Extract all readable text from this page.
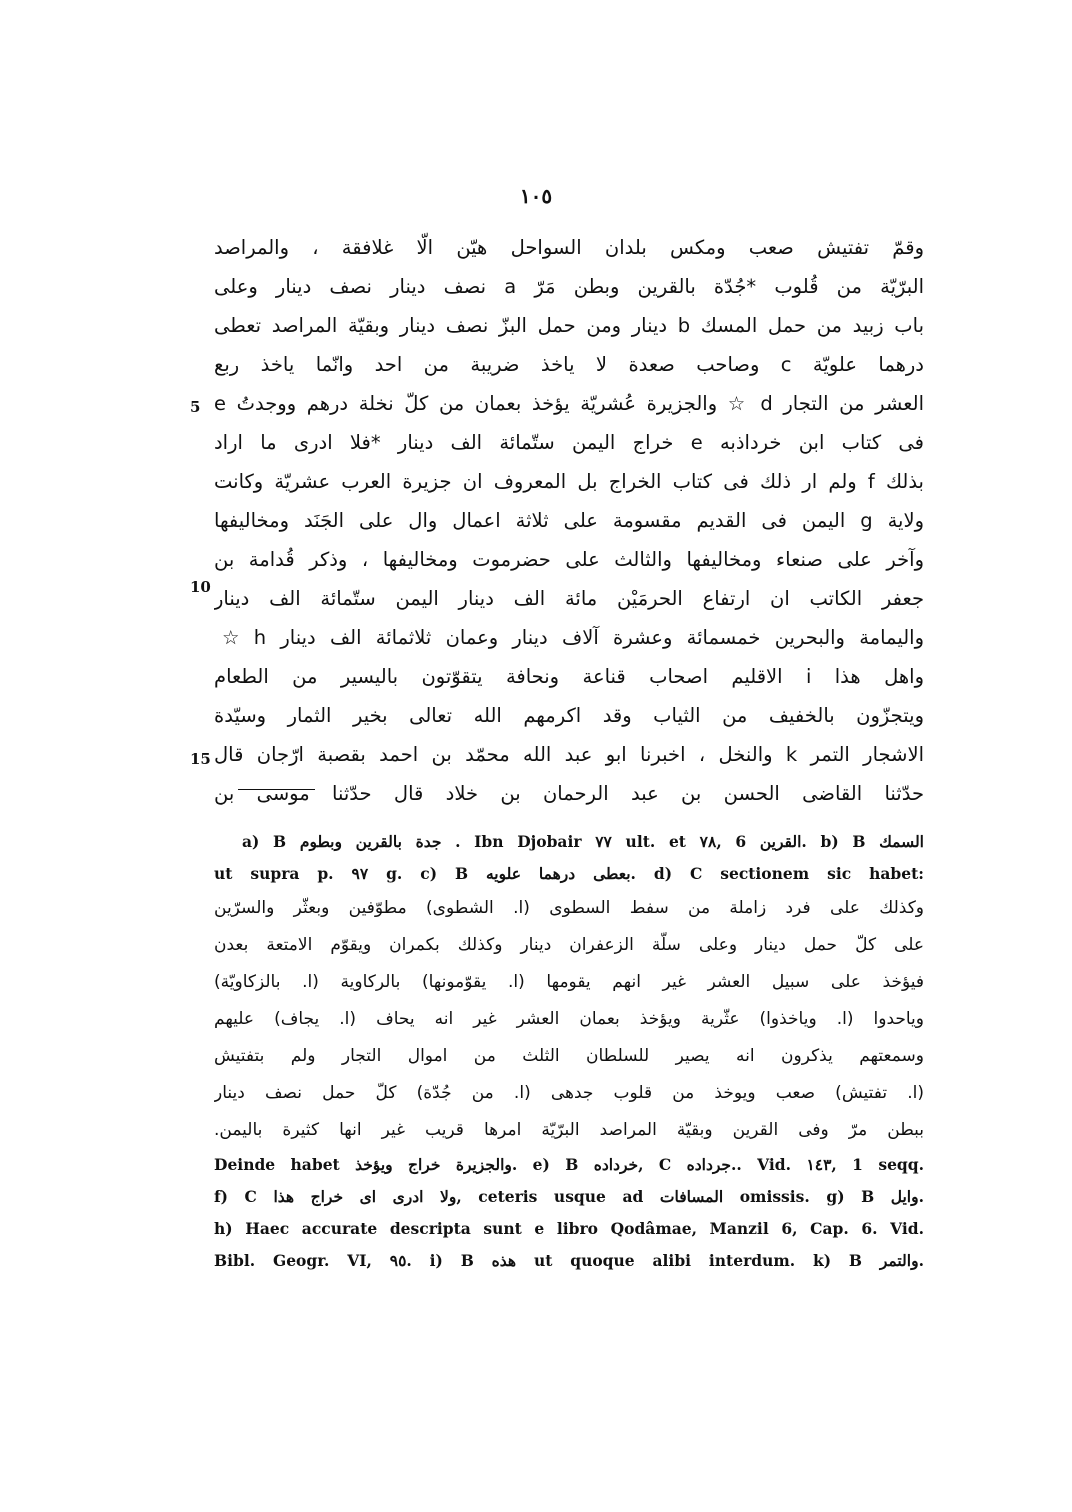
١٠٥
وقمّ تفتيش صعب ومكس بلدان السواحل هيّن الّا غلافقة ، والمراصد
البرّيّة من قُلوب *جُدّة بالقرين وبطن مَرّ a نصف دينار نصف دينار وعلى
باب زبيد من حمل المسك b دينار ومن حمل البزّ نصف دينار وبقيّة المراصد تعطى
درهما علويّة c وصاحب صعدة لا ياخذ ضريبة من احد وانّما ياخذ ربع
العشر من التجار d ☆ والجزيرة عُشريّة يؤخذ بعمان من كلّ نخلة درهم ووجدتُ e
فى كتاب ابن خرداذبه e خراج اليمن ستّمائة الف دينار *فلا ادرى ما اراد
بذلك f ولم ار ذلك فى كتاب الخراج بل المعروف ان جزيرة العرب عشريّة وكانت
ولاية g اليمن فى القديم مقسومة على ثلاثة اعمال وال على الجَنَد ومخاليفها
وآخر على صنعاء ومخاليفها والثالث على حضرموت ومخاليفها ، وذكر قُدامة بن
جعفر الكاتب ان ارتفاع الحرمَيْن مائة الف دينار اليمن ستّمائة الف دينار
واليمامة والبحرين خمسمائة وعشرة آلاف دينار وعمان ثلاثمائة الف دينار h ☆
واهل هذا i الاقليم اصحاب قناعة ونحافة يتقوّتون باليسير من الطعام
ويتجزّون بالخفيف من الثياب وقد اكرمهم الله تعالى بخير الثمار وسيّدة
الاشجار التمر k والنخل ، اخبرنا ابو عبد الله محمّد بن احمد بقصبة ارّجان قال
حدّثنا القاضى الحسن بن عبد الرحمان بن خلاد قال حدّثنا موسى بن
5
10
15
a) B جدة بالقرين وبطوم . Ibn Djobair ٧٧ ult. et ٧٨, 6 القرين. b) B السمك
ut supra p. ٩٧ g. c) B بعطى درهما علويه. d) C sectionem sic habet:
وكذلك على فرد زاملة من سفط السطوى (l. الشطوى) مطوّفين وبعثّر والسرّين
على كلّ حمل دينار وعلى سلّة الزعفران دينار وكذلك بكمران ويقوّم الامتعة بعدن
فيؤخذ على سبيل العشر غير انهم يقومها (l. يقوّمونها) بالركاوية (l. بالزكاويّة)
وياحدوا (l. وياخذوا) عثّرية ويؤخذ بعمان العشر غير انه يحاف (l. يجاف) عليهم
وسمعتهم يذكرون انه يصير للسلطان الثلث من اموال التجار ولم بتفتيش
(l. تفتيش) صعب ويوخذ من قلوب جدهى (l. من جُدّة) كلّ حمل نصف دينار
ببطن مرّ وفى القرين وبقيّة المراصد البرّيّة امرها قريب غير انها كثيرة باليمن.
Deinde habet والجزيرة خراج ويؤخذ. e) B خرداده, C جرداده.. Vid. ١٤٣, 1 seqq.
f) C ولا ادرى اى خراج هذا, ceteris usque ad المسافات omissis. g) B وايل.
h) Haec accurate descripta sunt e libro Qodâmae, Manzil 6, Cap. 6. Vid.
Bibl. Geogr. VI, ٩٥. i) B هذه ut quoque alibi interdum. k) B والتمر.
